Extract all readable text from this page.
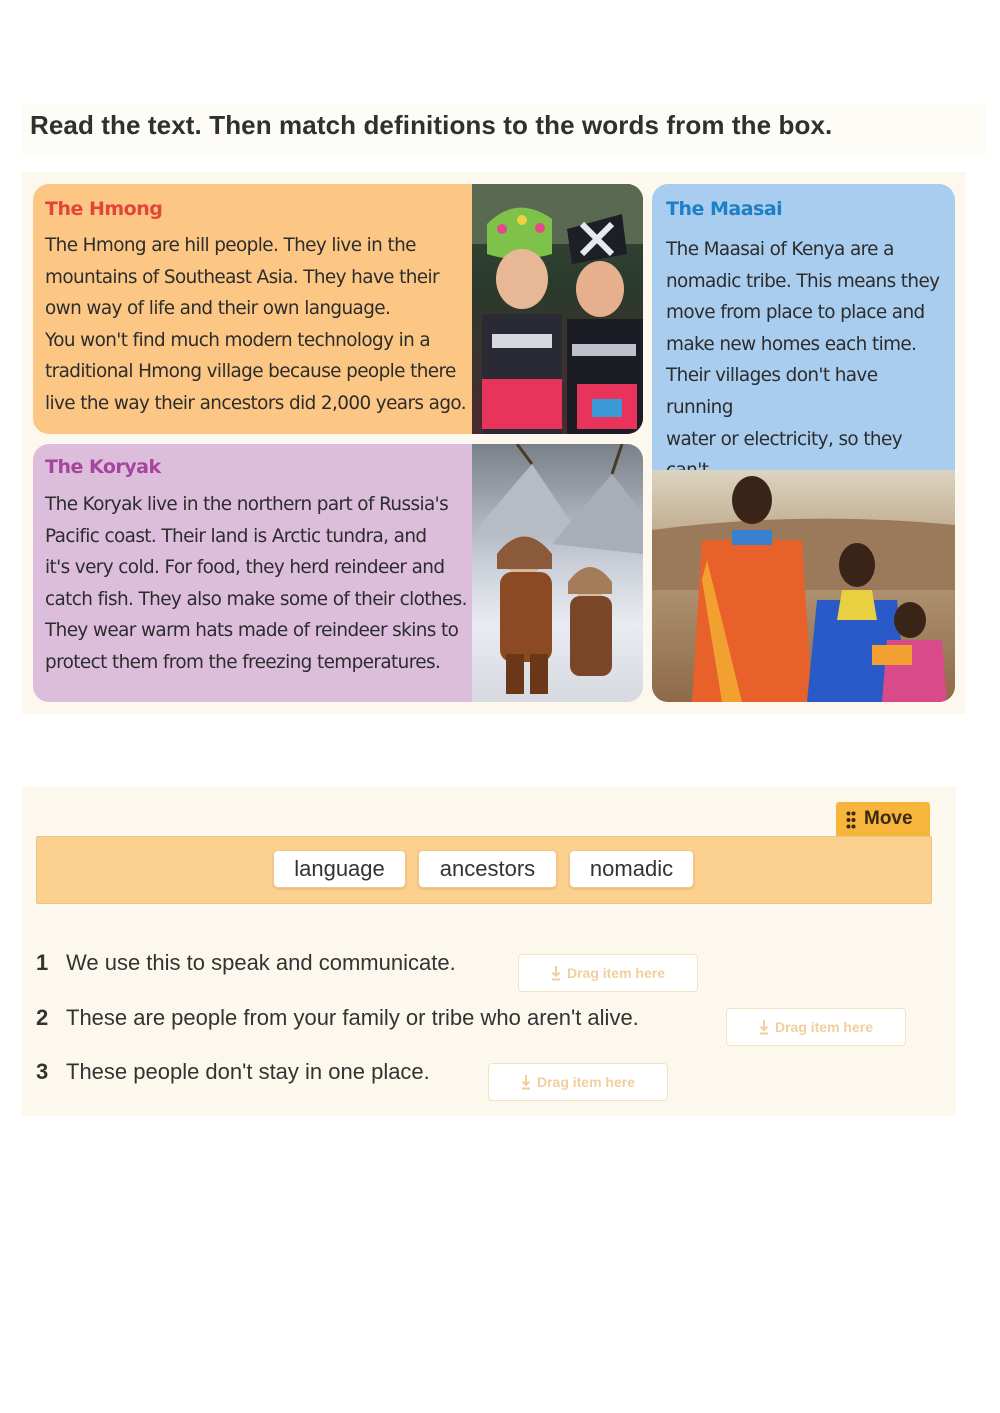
Read the text. Then match definitions to the words from the box.
The Hmong
The Hmong are hill people. They live in the
mountains of Southeast Asia. They have their
own way of life and their own language.
You won't find much modern technology in a
traditional Hmong village because people there
live the way their ancestors did 2,000 years ago.
The Koryak
The Koryak live in the northern part of Russia's
Pacific coast. Their land is Arctic tundra, and
it's very cold. For food, they herd reindeer and
catch fish. They also make some of their clothes.
They wear warm hats made of reindeer skins to
protect them from the freezing temperatures.
The Maasai
The Maasai of Kenya are a
nomadic tribe. This means they
move from place to place and
make new homes each time.
Their villages don't have running
water or electricity, so they
Move
language	ancestors	nomadic
1 We use this to speak and communicate.	Drag item here
2 These are people from your family or tribe who aren't alive.	Drag item here
3 These people don't stay in one place.	Drag item here
